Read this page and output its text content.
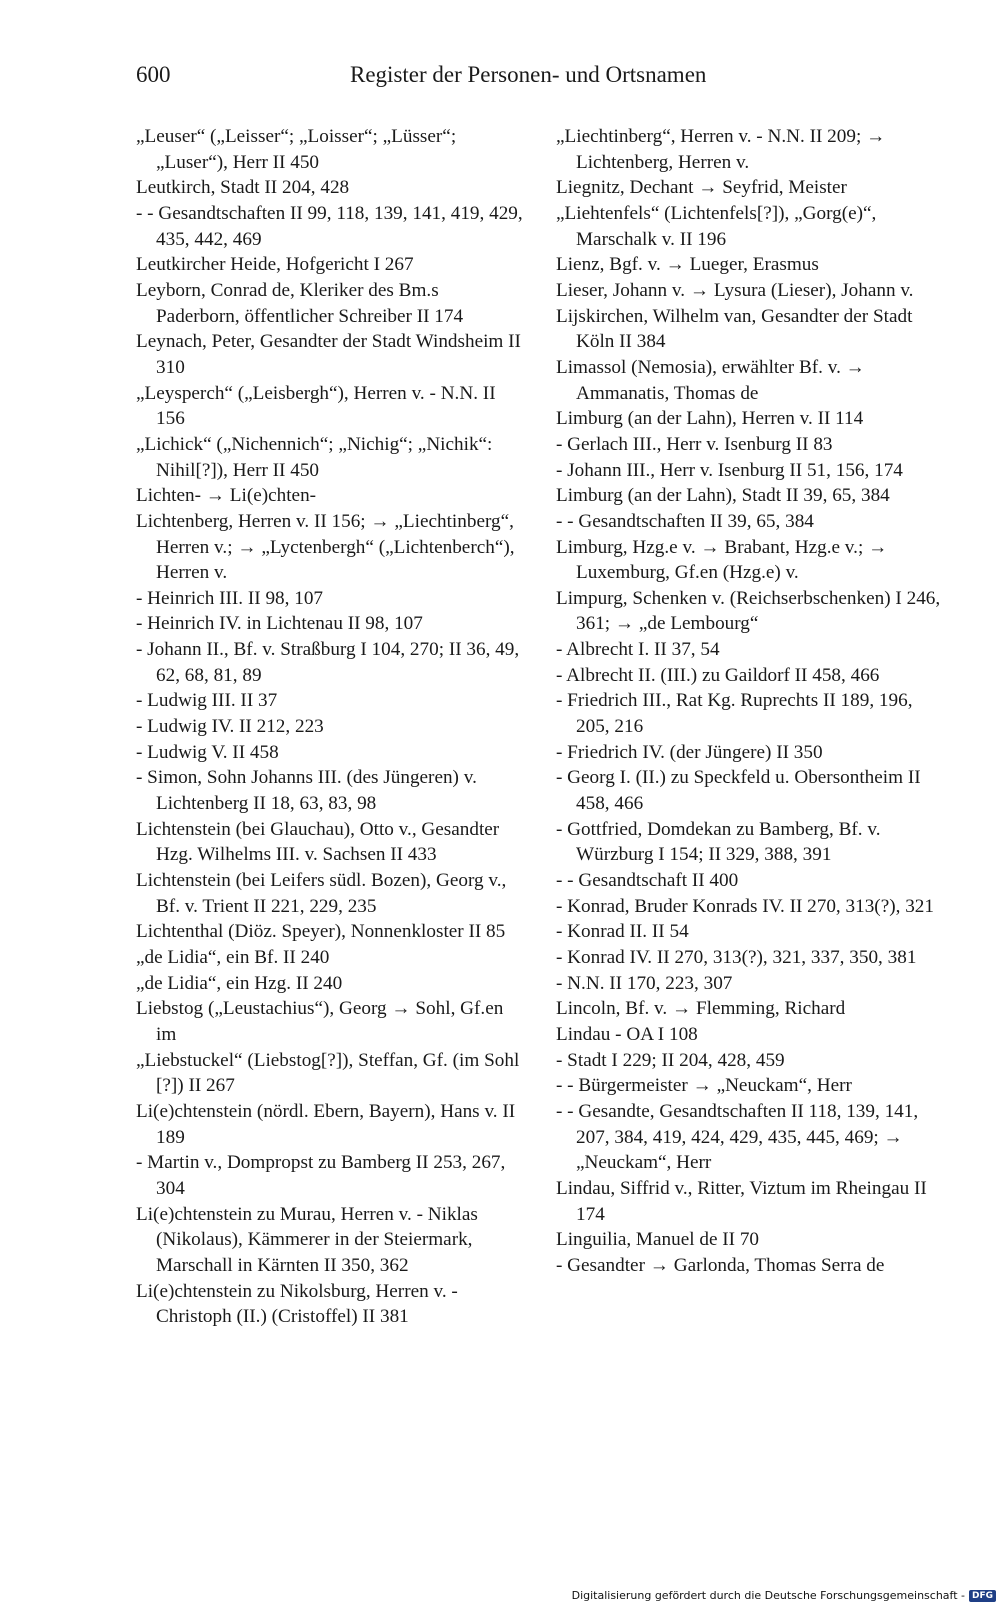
600	Register der Personen- und Ortsnamen

„Leuser“ („Leisser“; „Loisser“; „Lüsser“; „Luser“), Herr II 450

Leutkirch, Stadt II 204, 428

- - Gesandtschaften II 99, 118, 139, 141, 419, 429, 435, 442, 469

Leutkircher Heide, Hofgericht I 267

Leyborn, Conrad de, Kleriker des Bm.s Paderborn, öffentlicher Schreiber II 174

Leynach, Peter, Gesandter der Stadt Windsheim II 310

„Leysperch“ („Leisbergh“), Herren v. - N.N. II 156

„Lichick“ („Nichennich“; „Nichig“; „Nichik“: Nihil[?]), Herr II 450

Lichten- → Li(e)chten-

Lichtenberg, Herren v. II 156; → „Liechtinberg“, Herren v.; → „Lyctenbergh“ („Lichtenberch“), Herren v.

- Heinrich III. II 98, 107

- Heinrich IV. in Lichtenau II 98, 107

- Johann II., Bf. v. Straßburg I 104, 270; II 36, 49, 62, 68, 81, 89

- Ludwig III. II 37

- Ludwig IV. II 212, 223

- Ludwig V. II 458

- Simon, Sohn Johanns III. (des Jüngeren) v. Lichtenberg II 18, 63, 83, 98

Lichtenstein (bei Glauchau), Otto v., Gesandter Hzg. Wilhelms III. v. Sachsen II 433

Lichtenstein (bei Leifers südl. Bozen), Georg v., Bf. v. Trient II 221, 229, 235

Lichtenthal (Diöz. Speyer), Nonnenkloster II 85

„de Lidia“, ein Bf. II 240

„de Lidia“, ein Hzg. II 240

Liebstog („Leustachius“), Georg → Sohl, Gf.en im

„Liebstuckel“ (Liebstog[?]), Steffan, Gf. (im Sohl [?]) II 267

Li(e)chtenstein (nördl. Ebern, Bayern), Hans v. II 189

- Martin v., Dompropst zu Bamberg II 253, 267, 304

Li(e)chtenstein zu Murau, Herren v. - Niklas (Nikolaus), Kämmerer in der Steiermark, Marschall in Kärnten II 350, 362

Li(e)chtenstein zu Nikolsburg, Herren v. - Christoph (II.) (Cristoffel) II 381

„Liechtinberg“, Herren v. - N.N. II 209; → Lichtenberg, Herren v.

Liegnitz, Dechant → Seyfrid, Meister

„Liehtenfels“ (Lichtenfels[?]), „Gorg(e)“, Marschalk v. II 196

Lienz, Bgf. v. → Lueger, Erasmus

Lieser, Johann v. → Lysura (Lieser), Johann v.

Lijskirchen, Wilhelm van, Gesandter der Stadt Köln II 384

Limassol (Nemosia), erwählter Bf. v. → Ammanatis, Thomas de

Limburg (an der Lahn), Herren v. II 114

- Gerlach III., Herr v. Isenburg II 83

- Johann III., Herr v. Isenburg II 51, 156, 174

Limburg (an der Lahn), Stadt II 39, 65, 384

- - Gesandtschaften II 39, 65, 384

Limburg, Hzg.e v. → Brabant, Hzg.e v.; → Luxemburg, Gf.en (Hzg.e) v.

Limpurg, Schenken v. (Reichserbschenken) I 246, 361; → „de Lembourg“

- Albrecht I. II 37, 54

- Albrecht II. (III.) zu Gaildorf II 458, 466

- Friedrich III., Rat Kg. Ruprechts II 189, 196, 205, 216

- Friedrich IV. (der Jüngere) II 350

- Georg I. (II.) zu Speckfeld u. Obersontheim II 458, 466

- Gottfried, Domdekan zu Bamberg, Bf. v. Würzburg I 154; II 329, 388, 391

- - Gesandtschaft II 400

- Konrad, Bruder Konrads IV. II 270, 313(?), 321

- Konrad II. II 54

- Konrad IV. II 270, 313(?), 321, 337, 350, 381

- N.N. II 170, 223, 307

Lincoln, Bf. v. → Flemming, Richard

Lindau - OA I 108

- Stadt I 229; II 204, 428, 459

- - Bürgermeister → „Neuckam“, Herr

- - Gesandte, Gesandtschaften II 118, 139, 141, 207, 384, 419, 424, 429, 435, 445, 469; → „Neuckam“, Herr

Lindau, Siffrid v., Ritter, Viztum im Rheingau II 174

Linguilia, Manuel de II 70

- Gesandter → Garlonda, Thomas Serra de

Digitalisierung gefördert durch die Deutsche Forschungsgemeinschaft - DFG
